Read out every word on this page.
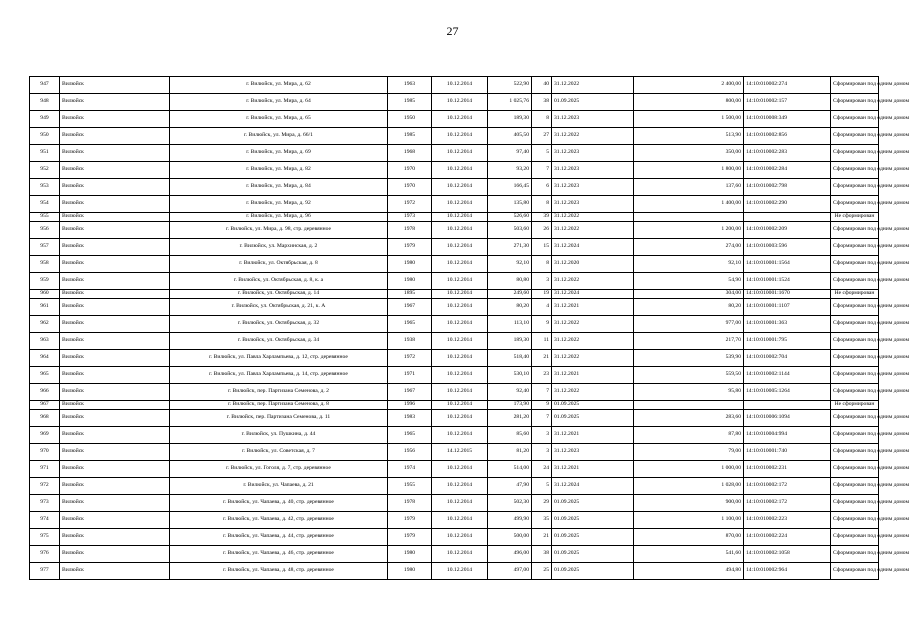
27
947	Вилюйск	г. Вилюйск, ул. Мира, д. 62	1963	10.12.2014	522,90	40	31.12.2022	2 400,00	14:10:010002:274	Сформирован под одним домом
948	Вилюйск	г. Вилюйск, ул. Мира, д. 64	1985	10.12.2014	1 025,76	38	01.09.2025	800,00	14:10:010002:157	Сформирован под одним домом
949	Вилюйск	г. Вилюйск, ул. Мира, д. 65	1950	10.12.2014	189,30	8	31.12.2023	1 500,00	14:10:010008:349	Сформирован под одним домом
950	Вилюйск	г. Вилюйск, ул. Мира, д. 66/1	1985	10.12.2014	405,50	27	31.12.2022	513,90	14:10:010002:856	Сформирован под одним домом
951	Вилюйск	г. Вилюйск, ул. Мира, д. 69	1968	10.12.2014	97,40	5	31.12.2023	350,00	14:10:010002:283	Сформирован под одним домом
952	Вилюйск	г. Вилюйск, ул. Мира, д. 82	1970	10.12.2014	93,20	7	31.12.2023	1 800,00	14:10:010002:284	Сформирован под одним домом
953	Вилюйск	г. Вилюйск, ул. Мира, д. 84	1970	10.12.2014	166,45	6	31.12.2023	137,60	14:10:010002:798	Сформирован под одним домом
954	Вилюйск	г. Вилюйск, ул. Мира, д. 92	1972	10.12.2014	135,80	8	31.12.2023	1 400,00	14:10:010002:290	Сформирован под одним домом
955	Вилюйск	г. Вилюйск, ул. Мира, д. 96	1973	10.12.2014	526,60	39	31.12.2022			Не сформирован
956	Вилюйск	г. Вилюйск, ул. Мира, д. 98, стр. деревянное	1978	10.12.2014	503,60	26	31.12.2022	1 200,00	14:10:010002:209	Сформирован под одним домом
957	Вилюйск	г. Вилюйск, ул. Мархинская, д. 2	1979	10.12.2014	271,30	15	31.12.2024	274,00	14:10:010003:596	Сформирован под одним домом
958	Вилюйск	г. Вилюйск, ул. Октябрьская, д. 8	1980	10.12.2014	92,10	8	31.12.2020	92,10	14:10:010001:1564	Сформирован под одним домом
959	Вилюйск	г. Вилюйск, ул. Октябрьская, д. 8, к. а	1980	10.12.2014	80,80	3	31.12.2022	54,90	14:10:010001:1524	Сформирован под одним домом
960	Вилюйск	г. Вилюйск, ул. Октябрьская, д. 14	1895	10.12.2014	249,60	19	31.12.2024	304,00	14:10:010001:1670	Не сформирован
961	Вилюйск	г. Вилюйск, ул. Октябрьская, д. 21, к. А	1967	10.12.2014	80,20	4	31.12.2021	80,20	14:10:010001:1107	Сформирован под одним домом
962	Вилюйск	г. Вилюйск, ул. Октябрьская, д. 32	1965	10.12.2014	113,10	9	31.12.2022	977,00	14:10:010001:363	Сформирован под одним домом
963	Вилюйск	г. Вилюйск, ул. Октябрьская, д. 34	1938	10.12.2014	189,30	11	31.12.2022	217,70	14:10:010001:795	Сформирован под одним домом
964	Вилюйск	г. Вилюйск, ул. Павла Харлампьева, д. 12, стр. деревянное	1972	10.12.2014	518,40	21	31.12.2022	539,90	14:10:010002:704	Сформирован под одним домом
965	Вилюйск	г. Вилюйск, ул. Павла Харлампьева, д. 14, стр. деревянное	1971	10.12.2014	530,10	23	31.12.2021	559,50	14:10:010002:1144	Сформирован под одним домом
966	Вилюйск	г. Вилюйск, пер. Партизана Семенова, д. 2	1967	10.12.2014	92,40	7	31.12.2022	95,80	14:10:010005:1264	Сформирован под одним домом
967	Вилюйск	г. Вилюйск, пер. Партизана Семенова, д. 8	1996	10.12.2014	173,90	9	01.09.2025			Не сформирован
968	Вилюйск	г. Вилюйск, пер. Партизана Семенова, д. 11	1983	10.12.2014	281,20	7	01.09.2025	283,60	14:10:010006:1094	Сформирован под одним домом
969	Вилюйск	г. Вилюйск, ул. Пушкина, д. 44	1965	10.12.2014	85,60	3	31.12.2021	87,80	14:10:010004:994	Сформирован под одним домом
970	Вилюйск	г. Вилюйск, ул. Советская, д. 7	1956	14.12.2015	81,20	3	31.12.2023	79,00	14:10:010001:740	Сформирован под одним домом
971	Вилюйск	г. Вилюйск, ул. Гоголя, д. 7, стр. деревянное	1974	10.12.2014	514,00	24	31.12.2021	1 000,00	14:10:010002:231	Сформирован под одним домом
972	Вилюйск	г. Вилюйск, ул. Чапаева, д. 21	1955	10.12.2014	47,90	5	31.12.2024	1 028,00	14:10:010002:172	Сформирован под одним домом
973	Вилюйск	г. Вилюйск, ул. Чапаева, д. 40, стр. деревянное	1978	10.12.2014	502,30	29	01.09.2025	900,00	14:10:010002:172	Сформирован под одним домом
974	Вилюйск	г. Вилюйск, ул. Чапаева, д. 42, стр. деревянное	1979	10.12.2014	499,90	35	01.09.2025	1 100,00	14:10:010002:223	Сформирован под одним домом
975	Вилюйск	г. Вилюйск, ул. Чапаева, д. 44, стр. деревянное	1979	10.12.2014	500,00	21	01.09.2025	870,00	14:10:010002:224	Сформирован под одним домом
976	Вилюйск	г. Вилюйск, ул. Чапаева, д. 46, стр. деревянное	1980	10.12.2014	496,00	38	01.09.2025	541,60	14:10:010002:1058	Сформирован под одним домом
977	Вилюйск	г. Вилюйск, ул. Чапаева, д. 48, стр. деревянное	1980	10.12.2014	497,00	25	01.09.2025	494,80	14:10:010002:964	Сформирован под одним домом
